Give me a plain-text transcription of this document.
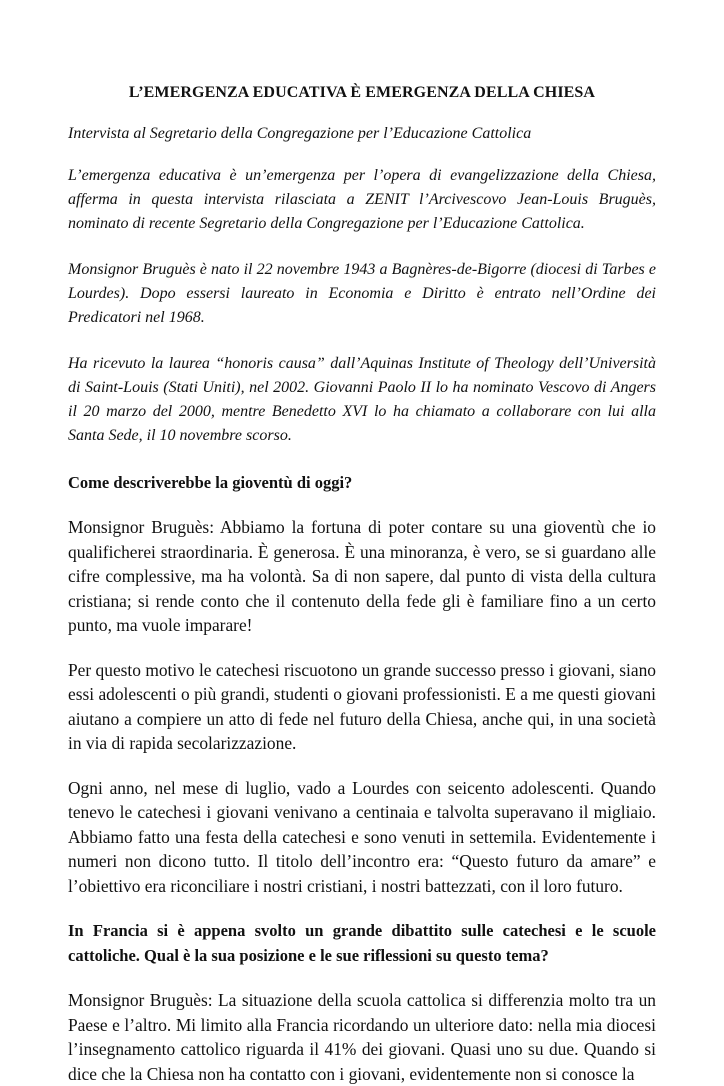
L’EMERGENZA EDUCATIVA È EMERGENZA DELLA CHIESA
Intervista al Segretario della Congregazione per l’Educazione Cattolica
L’emergenza educativa è un’emergenza per l’opera di evangelizzazione della Chiesa, afferma in questa intervista rilasciata a ZENIT l’Arcivescovo Jean-Louis Bruguès, nominato di recente Segretario della Congregazione per l’Educazione Cattolica.
Monsignor Bruguès è nato il 22 novembre 1943 a Bagnères-de-Bigorre (diocesi di Tarbes e Lourdes). Dopo essersi laureato in Economia e Diritto è entrato nell’Ordine dei Predicatori nel 1968.
Ha ricevuto la laurea “honoris causa” dall’Aquinas Institute of Theology dell’Università di Saint-Louis (Stati Uniti), nel 2002. Giovanni Paolo II lo ha nominato Vescovo di Angers il 20 marzo del 2000, mentre Benedetto XVI lo ha chiamato a collaborare con lui alla Santa Sede, il 10 novembre scorso.
Come descriverebbe la gioventù di oggi?
Monsignor Bruguès: Abbiamo la fortuna di poter contare su una gioventù che io qualificherei straordinaria. È generosa. È una minoranza, è vero, se si guardano alle cifre complessive, ma ha volontà. Sa di non sapere, dal punto di vista della cultura cristiana; si rende conto che il contenuto della fede gli è familiare fino a un certo punto, ma vuole imparare!
Per questo motivo le catechesi riscuotono un grande successo presso i giovani, siano essi adolescenti o più grandi, studenti o giovani professionisti. E a me questi giovani aiutano a compiere un atto di fede nel futuro della Chiesa, anche qui, in una società in via di rapida secolarizzazione.
Ogni anno, nel mese di luglio, vado a Lourdes con seicento adolescenti. Quando tenevo le catechesi i giovani venivano a centinaia e talvolta superavano il migliaio. Abbiamo fatto una festa della catechesi e sono venuti in settemila. Evidentemente i numeri non dicono tutto. Il titolo dell’incontro era: “Questo futuro da amare” e l’obiettivo era riconciliare i nostri cristiani, i nostri battezzati, con il loro futuro.
In Francia si è appena svolto un grande dibattito sulle catechesi e le scuole cattoliche. Qual è la sua posizione e le sue riflessioni su questo tema?
Monsignor Bruguès: La situazione della scuola cattolica si differenzia molto tra un Paese e l’altro. Mi limito alla Francia ricordando un ulteriore dato: nella mia diocesi l’insegnamento cattolico riguarda il 41% dei giovani. Quasi uno su due. Quando si dice che la Chiesa non ha contatto con i giovani, evidentemente non si conosce la
